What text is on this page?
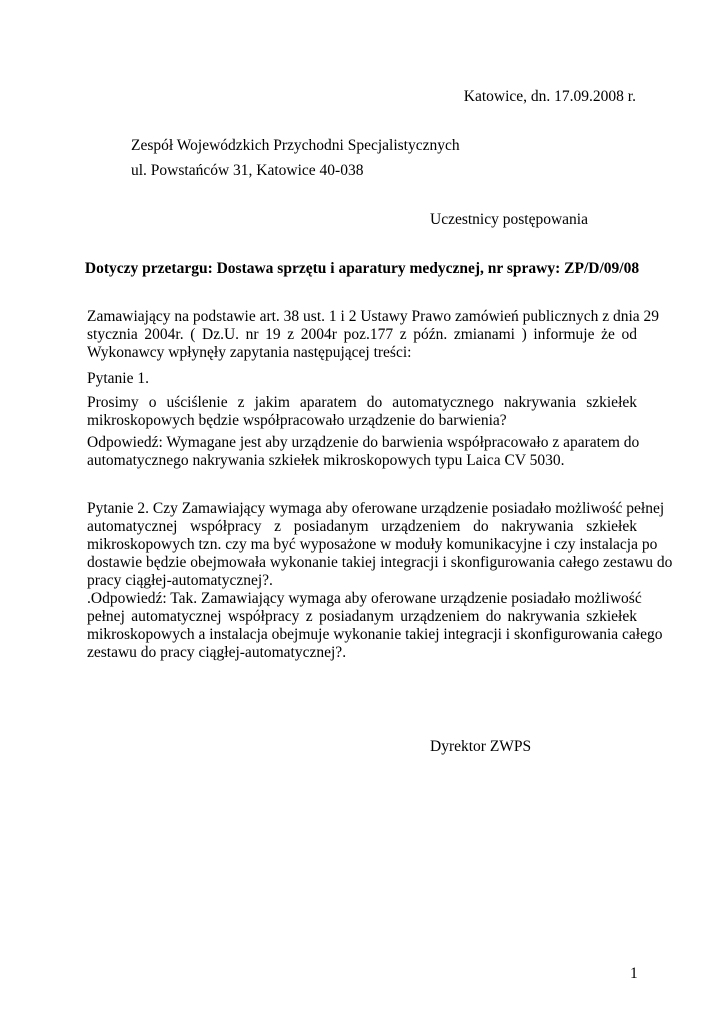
Katowice, dn. 17.09.2008 r.
Zespół Wojewódzkich Przychodni Specjalistycznych
ul. Powstańców 31, Katowice 40-038
Uczestnicy postępowania
Dotyczy przetargu: Dostawa sprzętu i aparatury medycznej, nr sprawy: ZP/D/09/08
Zamawiający na podstawie art. 38 ust. 1 i 2 Ustawy Prawo zamówień publicznych z dnia 29
stycznia 2004r. ( Dz.U. nr 19 z 2004r poz.177 z późn. zmianami ) informuje że od
Wykonawcy wpłynęły zapytania następującej treści:
Pytanie 1.
Prosimy o uściślenie z jakim aparatem do automatycznego nakrywania szkiełek
mikroskopowych będzie współpracowało urządzenie do barwienia?
Odpowiedź: Wymagane jest aby urządzenie do barwienia współpracowało z aparatem do
automatycznego nakrywania szkiełek mikroskopowych typu Laica CV 5030.
Pytanie 2. Czy Zamawiający wymaga aby oferowane urządzenie posiadało możliwość pełnej
automatycznej współpracy z posiadanym urządzeniem do nakrywania szkiełek
mikroskopowych tzn. czy ma być wyposażone w moduły komunikacyjne i czy instalacja po
dostawie będzie obejmowała wykonanie takiej integracji i skonfigurowania całego zestawu do
pracy ciągłej-automatycznej?.
.Odpowiedź: Tak. Zamawiający wymaga aby oferowane urządzenie posiadało możliwość
pełnej automatycznej współpracy z posiadanym urządzeniem do nakrywania szkiełek
mikroskopowych a instalacja obejmuje wykonanie takiej integracji i skonfigurowania całego
zestawu do pracy ciągłej-automatycznej?.
Dyrektor ZWPS
1
